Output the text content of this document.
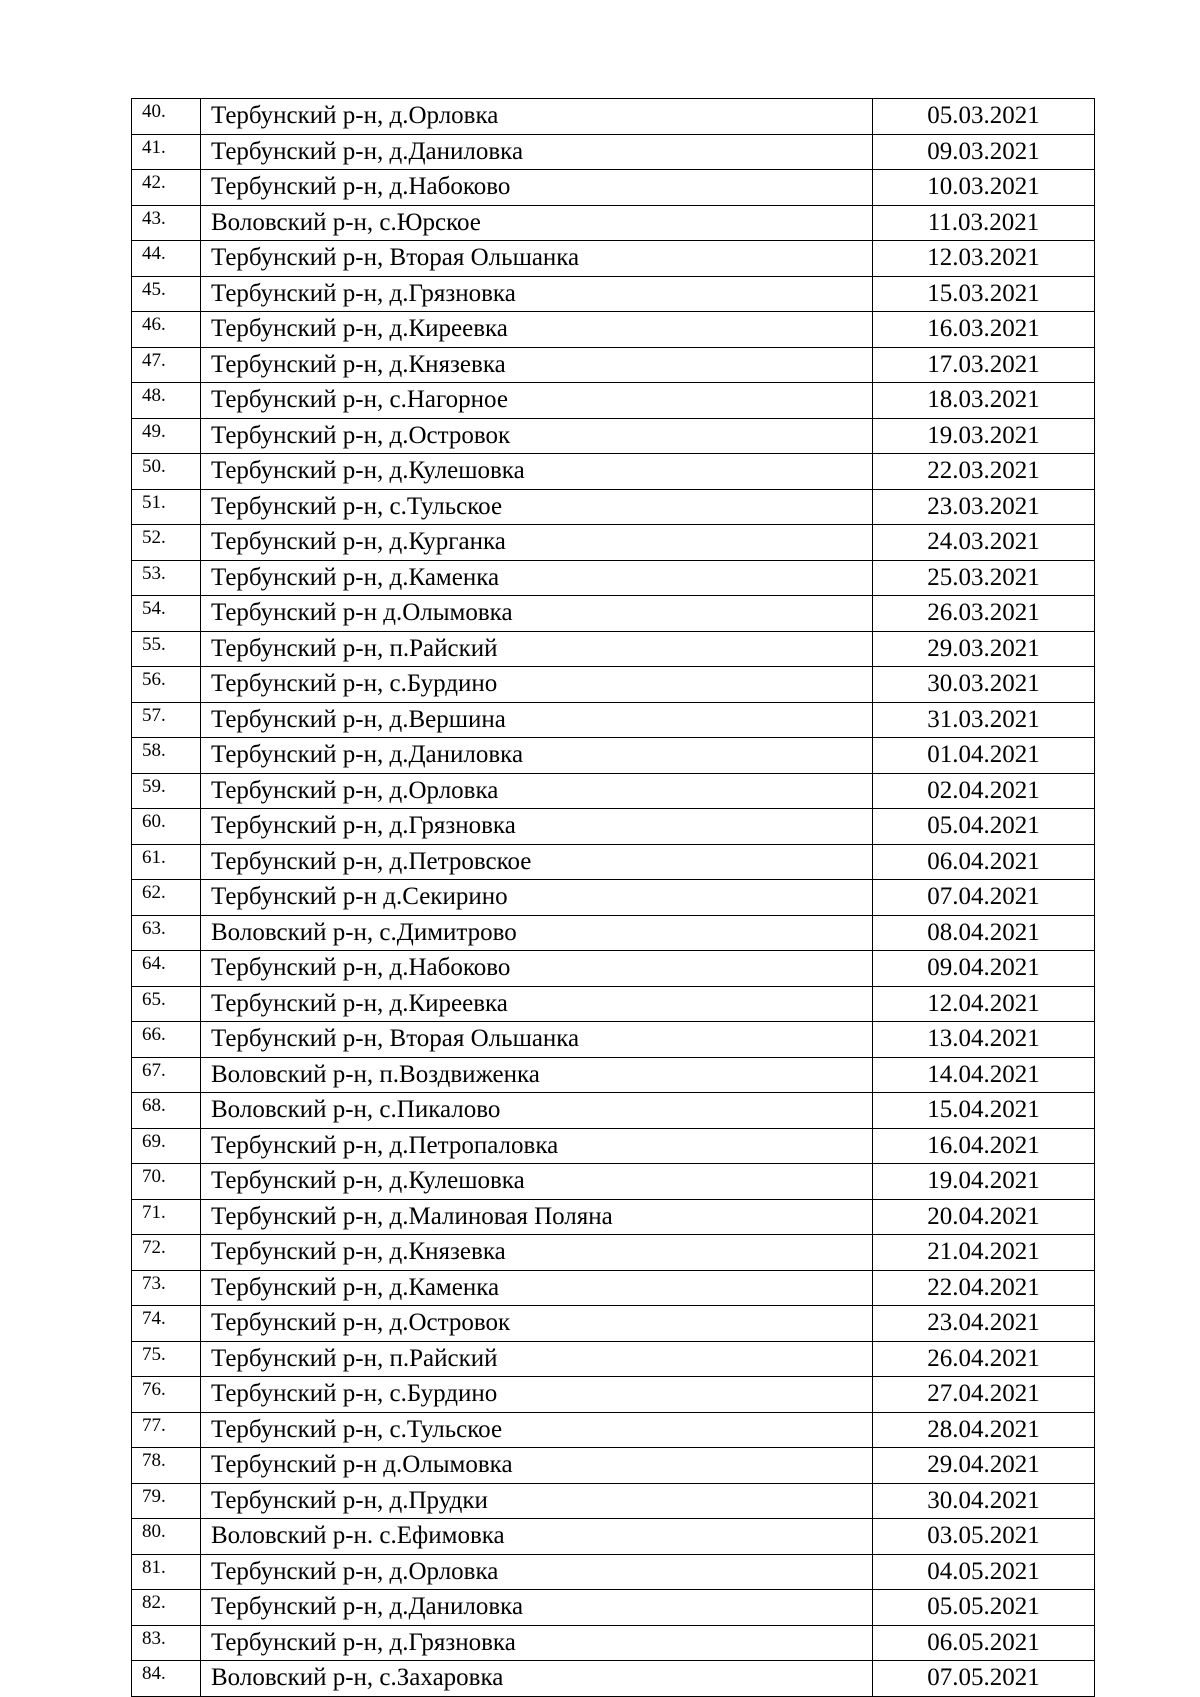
40.	Тербунский р-н, д.Орловка	05.03.2021
41.	Тербунский р-н, д.Даниловка	09.03.2021
42.	Тербунский р-н, д.Набоково	10.03.2021
43.	Воловский р-н, с.Юрское	11.03.2021
44.	Тербунский р-н, Вторая Ольшанка	12.03.2021
45.	Тербунский р-н, д.Грязновка	15.03.2021
46.	Тербунский р-н, д.Киреевка	16.03.2021
47.	Тербунский р-н, д.Князевка	17.03.2021
48.	Тербунский р-н, с.Нагорное	18.03.2021
49.	Тербунский р-н, д.Островок	19.03.2021
50.	Тербунский р-н, д.Кулешовка	22.03.2021
51.	Тербунский р-н, с.Тульское	23.03.2021
52.	Тербунский р-н, д.Курганка	24.03.2021
53.	Тербунский р-н, д.Каменка	25.03.2021
54.	Тербунский р-н д.Олымовка	26.03.2021
55.	Тербунский р-н, п.Райский	29.03.2021
56.	Тербунский р-н, с.Бурдино	30.03.2021
57.	Тербунский р-н, д.Вершина	31.03.2021
58.	Тербунский р-н, д.Даниловка	01.04.2021
59.	Тербунский р-н, д.Орловка	02.04.2021
60.	Тербунский р-н, д.Грязновка	05.04.2021
61.	Тербунский р-н, д.Петровское	06.04.2021
62.	Тербунский р-н д.Секирино	07.04.2021
63.	Воловский р-н, с.Димитрово	08.04.2021
64.	Тербунский р-н, д.Набоково	09.04.2021
65.	Тербунский р-н, д.Киреевка	12.04.2021
66.	Тербунский р-н, Вторая Ольшанка	13.04.2021
67.	Воловский р-н, п.Воздвиженка	14.04.2021
68.	Воловский р-н, с.Пикалово	15.04.2021
69.	Тербунский р-н, д.Петропаловка	16.04.2021
70.	Тербунский р-н, д.Кулешовка	19.04.2021
71.	Тербунский р-н, д.Малиновая Поляна	20.04.2021
72.	Тербунский р-н, д.Князевка	21.04.2021
73.	Тербунский р-н, д.Каменка	22.04.2021
74.	Тербунский р-н, д.Островок	23.04.2021
75.	Тербунский р-н, п.Райский	26.04.2021
76.	Тербунский р-н, с.Бурдино	27.04.2021
77.	Тербунский р-н, с.Тульское	28.04.2021
78.	Тербунский р-н д.Олымовка	29.04.2021
79.	Тербунский р-н, д.Прудки	30.04.2021
80.	Воловский р-н. с.Ефимовка	03.05.2021
81.	Тербунский р-н, д.Орловка	04.05.2021
82.	Тербунский р-н, д.Даниловка	05.05.2021
83.	Тербунский р-н, д.Грязновка	06.05.2021
84.	Воловский р-н, с.Захаровка	07.05.2021
